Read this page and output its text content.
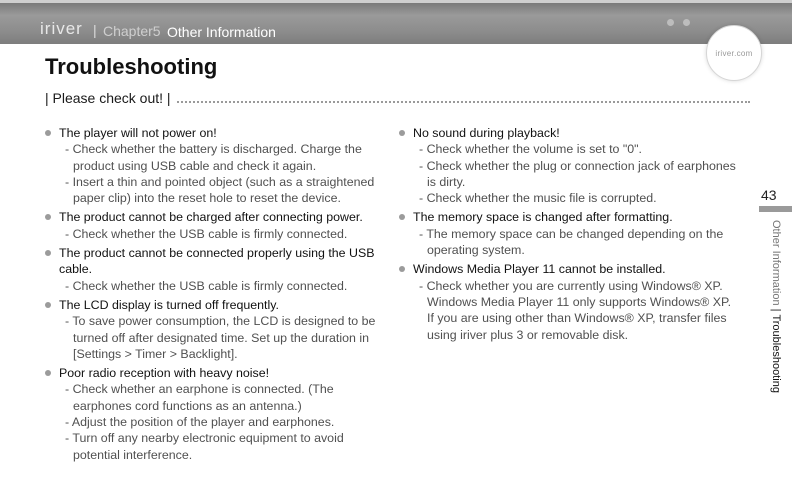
iriver | Chapter5 Other Information
iriver.com
Troubleshooting
| Please check out! |
The player will not power on!
- Check whether the battery is discharged. Charge the product using USB cable and check it again.
- Insert a thin and pointed object (such as a straightened paper clip) into the reset hole to reset the device.
The product cannot be charged after connecting power.
- Check whether the USB cable is firmly connected.
The product cannot be connected properly using the USB cable.
- Check whether the USB cable is firmly connected.
The LCD display is turned off frequently.
- To save power consumption, the LCD is designed to be turned off after designated time. Set up the duration in [Settings > Timer > Backlight].
Poor radio reception with heavy noise!
- Check whether an earphone is connected. (The earphones cord functions as an antenna.)
- Adjust the position of the player and earphones.
- Turn off any nearby electronic equipment to avoid potential interference.
No sound during playback!
- Check whether the volume is set to "0".
- Check whether the plug or connection jack of earphones is dirty.
- Check whether the music file is corrupted.
The memory space is changed after formatting.
- The memory space can be changed depending on the operating system.
Windows Media Player 11 cannot be installed.
- Check whether you are currently using Windows® XP. Windows Media Player 11 only supports Windows® XP. If you are using other than Windows® XP, transfer files using iriver plus 3 or removable disk.
43
Other Information|Troubleshooting
